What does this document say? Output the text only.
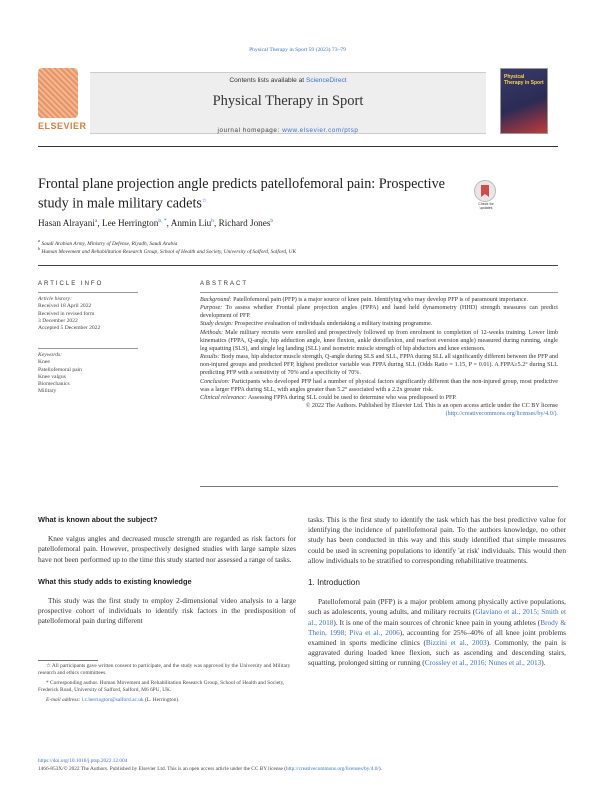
Physical Therapy in Sport 59 (2023) 73–79
ELSEVIER
Contents lists available at ScienceDirect
Physical Therapy in Sport
journal homepage: www.elsevier.com/ptsp
Physical Therapy in Sport
Frontal plane projection angle predicts patellofemoral pain: Prospective study in male military cadets☆	Check for updates
Hasan Alrayani$^a$, Lee Herrington$^{b, *}$, Anmin Liu$^b$, Richard Jones$^b$
$^a$ Saudi Arabian Army, Ministry of Defense, Riyadh, Saudi Arabia
$^b$ Human Movement and Rehabilitation Research Group, School of Health and Society, University of Salford, Salford, UK
ARTICLE INFO	ABSTRACT
Article history:
Received 18 April 2022
Received in revised form
3 December 2022
Accepted 5 December 2022
Keywords:
Knee
Patellofemoral pain
Knee valgus
Biomechanics
Military

Background: Patellofemoral pain (PFP) is a major source of knee pain. Identifying who may develop PFP is of paramount importance.

Purpose: To assess whether Frontal plane projection angles (FPPA) and hand held dynamometry (HHD) strength measures can predict development of PFP.

Study design: Prospective evaluation of individuals undertaking a military training programme.

Methods: Male military recruits were enrolled and prospectively followed up from enrolment to completion of 12-weeks training. Lower limb kinematics (FPPA, Q-angle, hip adduction angle, knee flexion, ankle dorsiflexion, and rearfoot eversion angle) measured during running, single leg squatting (SLS), and single leg landing (SLL) and isometric muscle strength of hip abductors and knee extensors.

Results: Body mass, hip abductor muscle strength, Q-angle during SLS and SLL, FPPA during SLL all significantly different between the PFP and non-injured groups and predicted PFP, highest predictor variable was FPPA during SLL (Odds Ratio = 1.15, P = 0.01). A FPPA≥5.2° during SLL predicting PFP with a sensitivity of 70% and a specificity of 70%.

Conclusion: Participants who developed PFP had a number of physical factors significantly different than the non-injured group, most predictive was a larger FPPA during SLL, with angles greater than 5.2° associated with a 2.2x greater risk.

Clinical relevance: Assessing FPPA during SLL could be used to determine who was predisposed to PFP.

© 2022 The Authors. Published by Elsevier Ltd. This is an open access article under the CC BY license
(http://creativecommons.org/licenses/by/4.0/).

What is known about the subject?
Knee valgus angles and decreased muscle strength are regarded as risk factors for patellofemoral pain. However, prospectively designed studies with large sample sizes have not been performed up to the time this study started nor assessed a range of tasks.
What this study adds to existing knowledge
This study was the first study to employ 2-dimensional video analysis to a large prospective cohort of individuals to identify risk factors in the predisposition of patellofemoral pain during different
tasks. This is the first study to identify the task which has the best predictive value for identifying the incidence of patellofemoral pain. To the authors knowledge, no other study has been conducted in this way and this study identified that simple measures could be used in screening populations to identify 'at risk' individuals. This would then allow individuals to be stratified to corresponding rehabilitative treatments.
1. Introduction
Patellofemoral pain (PFP) is a major problem among physically active populations, such as adolescents, young adults, and military recruits (Glaviano et al., 2015; Smith et al., 2018). It is one of the main sources of chronic knee pain in young athletes (Brody & Thein, 1998; Piva et al., 2006), accounting for 25%–40% of all knee joint problems examined in sports medicine clinics (Bizzini et al., 2003). Commonly, the pain is aggravated during loaded knee flexion, such as ascending and descending stairs, squatting, prolonged sitting or running (Crossley et al., 2016; Nunes et al., 2013).

☆ All participants gave written consent to participate, and the study was approved by the University and Military research and ethics committees.

* Corresponding author. Human Movement and Rehabilitation Research Group, School of Health and Society, Frederick Road, University of Salford, Salford, M6 6PU, UK.

E-mail address: l.c.herrington@salford.ac.uk (L. Herrington).

https://doi.org/10.1016/j.ptsp.2022.12.004
1466-853X/© 2022 The Authors. Published by Elsevier Ltd. This is an open access article under the CC BY license (http://creativecommons.org/licenses/by/4.0/).
